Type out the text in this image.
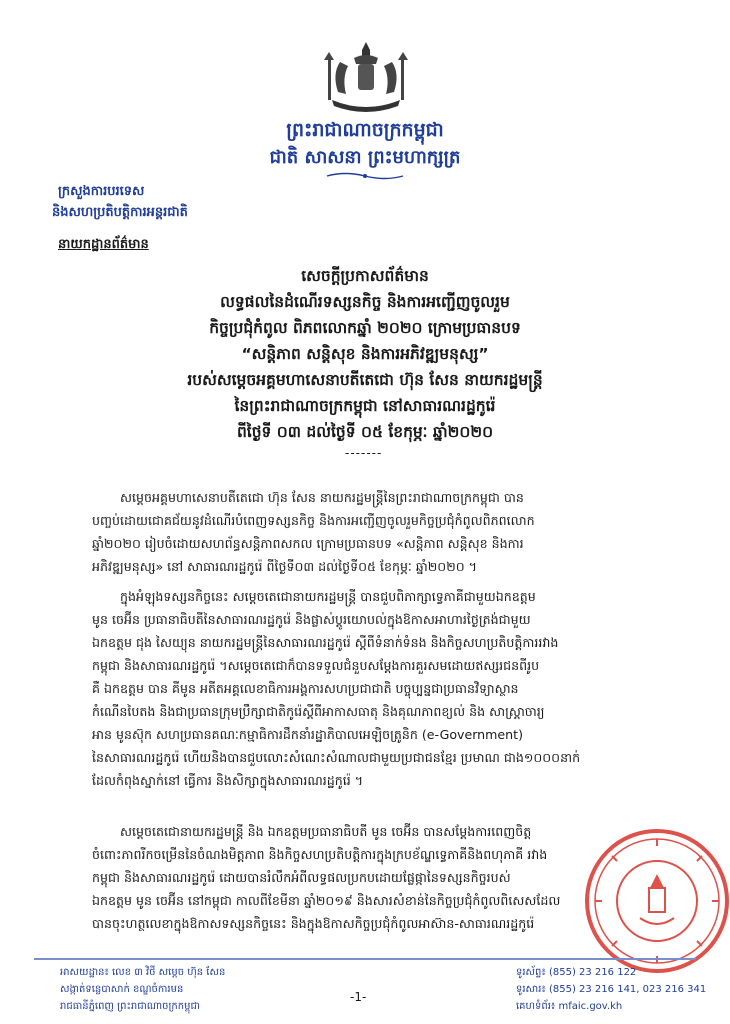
ព្រះរាជាណាចក្រកម្ពុជា
ជាតិ សាសនា ព្រះមហាក្សត្រ
ក្រសួងការបរទេស
និងសហប្រតិបត្តិការអន្តរជាតិ
នាយកដ្ឋានព័ត៌មាន
សេចក្តីប្រកាសព័ត៌មាន
លទ្ធផលនៃដំណើរទស្សនកិច្ច និងការអញ្ជើញចូលរួម
កិច្ចប្រជុំកំពូល ពិភពលោកឆ្នាំ ២០២០ ក្រោមប្រធានបទ
“សន្តិភាព សន្តិសុខ និងការអភិវឌ្ឍមនុស្ស”
របស់សម្តេចអគ្គមហាសេនាបតីតេជោ ហ៊ុន សែន នាយករដ្ឋមន្ត្រី
នៃព្រះរាជាណាចក្រកម្ពុជា នៅសាធារណរដ្ឋកូរ៉េ
ពីថ្ងៃទី ០៣ ដល់ថ្ងៃទី ០៥ ខែកុម្ភៈ ឆ្នាំ២០២០
-------
សម្តេចអគ្គមហាសេនាបតីតេជោ ហ៊ុន សែន នាយករដ្ឋមន្ត្រីនៃព្រះរាជាណាចក្រកម្ពុជា បាន
បញ្ចប់ដោយជោគជ័យនូវដំណើរបំពេញទស្សនកិច្ច និងការអញ្ជើញចូលរួមកិច្ចប្រជុំកំពូលពិភពលោក
ឆ្នាំ២០២០ រៀបចំដោយសហព័ន្ធសន្តិភាពសកល ក្រោមប្រធានបទ «សន្តិភាព សន្តិសុខ និងការ
អភិវឌ្ឍមនុស្ស» នៅ សាធារណរដ្ឋកូរ៉េ ពីថ្ងៃទី០៣ ដល់ថ្ងៃទី០៥ ខែកុម្ភៈ ឆ្នាំ២០២០ ។
ក្នុងអំឡុងទស្សនកិច្ចនេះ សម្តេចតេជោនាយករដ្ឋមន្ត្រី បានជួបពិភាក្សាទ្វេភាគីជាមួយឯកឧត្តម
មូន ចេអ៊ីន ប្រធានាធិបតីនៃសាធារណរដ្ឋកូរ៉េ និងផ្លាស់ប្តូរយោបល់ក្នុងឱកាសអាហារថ្ងៃត្រង់ជាមួយ
ឯកឧត្តម ជុង សៃយ្យុន នាយករដ្ឋមន្ត្រីនៃសាធារណរដ្ឋកូរ៉េ ស្តីពីទំនាក់ទំនង និងកិច្ចសហប្រតិបត្តិការរវាង
កម្ពុជា និងសាធារណរដ្ឋកូរ៉េ ។សម្តេចតេជោក៏បានទទួលជំនួបសម្តែងការគួរសមដោយឥស្សរជនពីរូប
គឺ ឯកឧត្តម បាន គីមូន អតីតអគ្គលេខាធិការអង្គការសហប្រជាជាតិ បច្ចុប្បន្នជាប្រធានវិទ្យាស្ថាន
កំណើនបៃតង និងជាប្រធានក្រុមប្រឹក្សាជាតិកូរ៉េស្តីពីអាកាសធាតុ និងគុណភាពខ្យល់ និង សាស្ត្រាចារ្យ
អាន មូនស៊ុក សហប្រធានគណៈកម្មាធិការដឹកនាំរដ្ឋាភិបាលអេឡិចត្រូនិក (e-Government)
នៃសាធារណរដ្ឋកូរ៉េ ហើយនិងបានជួបលោះសំណេះសំណាលជាមួយប្រជាជនខ្មែរ ប្រមាណ ជាង១០០០នាក់
ដែលកំពុងស្នាក់នៅ ធ្វើការ និងសិក្សាក្នុងសាធារណរដ្ឋកូរ៉េ ។
សម្តេចតេជោនាយករដ្ឋមន្ត្រី និង ឯកឧត្តមប្រធានាធិបតី មូន ចេអ៊ីន បានសម្តែងការពេញចិត្ត
ចំពោះភាពរីកចម្រើននៃចំណងមិត្តភាព និងកិច្ចសហប្រតិបត្តិការក្នុងក្របខ័ណ្ឌទ្វេភាគីនិងពហុភាគី រវាង
កម្ពុជា និងសាធារណរដ្ឋកូរ៉េ ដោយបានរំលឹកអំពីលទ្ធផលប្រកបដោយផ្លែផ្កានៃទស្សនកិច្ចរបស់
ឯកឧត្តម មូន ចេអ៊ីន នៅកម្ពុជា កាលពីខែមីនា ឆ្នាំ២០១៩ និងសារសំខាន់នៃកិច្ចប្រជុំកំពូលពិសេសដែល
បានចុះហត្ថលេខាក្នុងឱកាសទស្សនកិច្ចនេះ និងក្នុងឱកាសកិច្ចប្រជុំកំពូលអាស៊ាន-សាធារណរដ្ឋកូរ៉េ
អាសយដ្ឋាន៖ លេខ ៣ វិថី សម្តេច ហ៊ុន សែន
សង្កាត់ទន្លេបាសាក់ ខណ្ឌចំការមន
រាជធានីភ្នំពេញ ព្រះរាជាណាចក្រកម្ពុជា
-1-
ទូរស័ព្ទ៖ (855) 23 216 122
ទូរសារ៖ (855) 23 216 141, 023 216 341
គេហទំព័រ៖ mfaic.gov.kh
